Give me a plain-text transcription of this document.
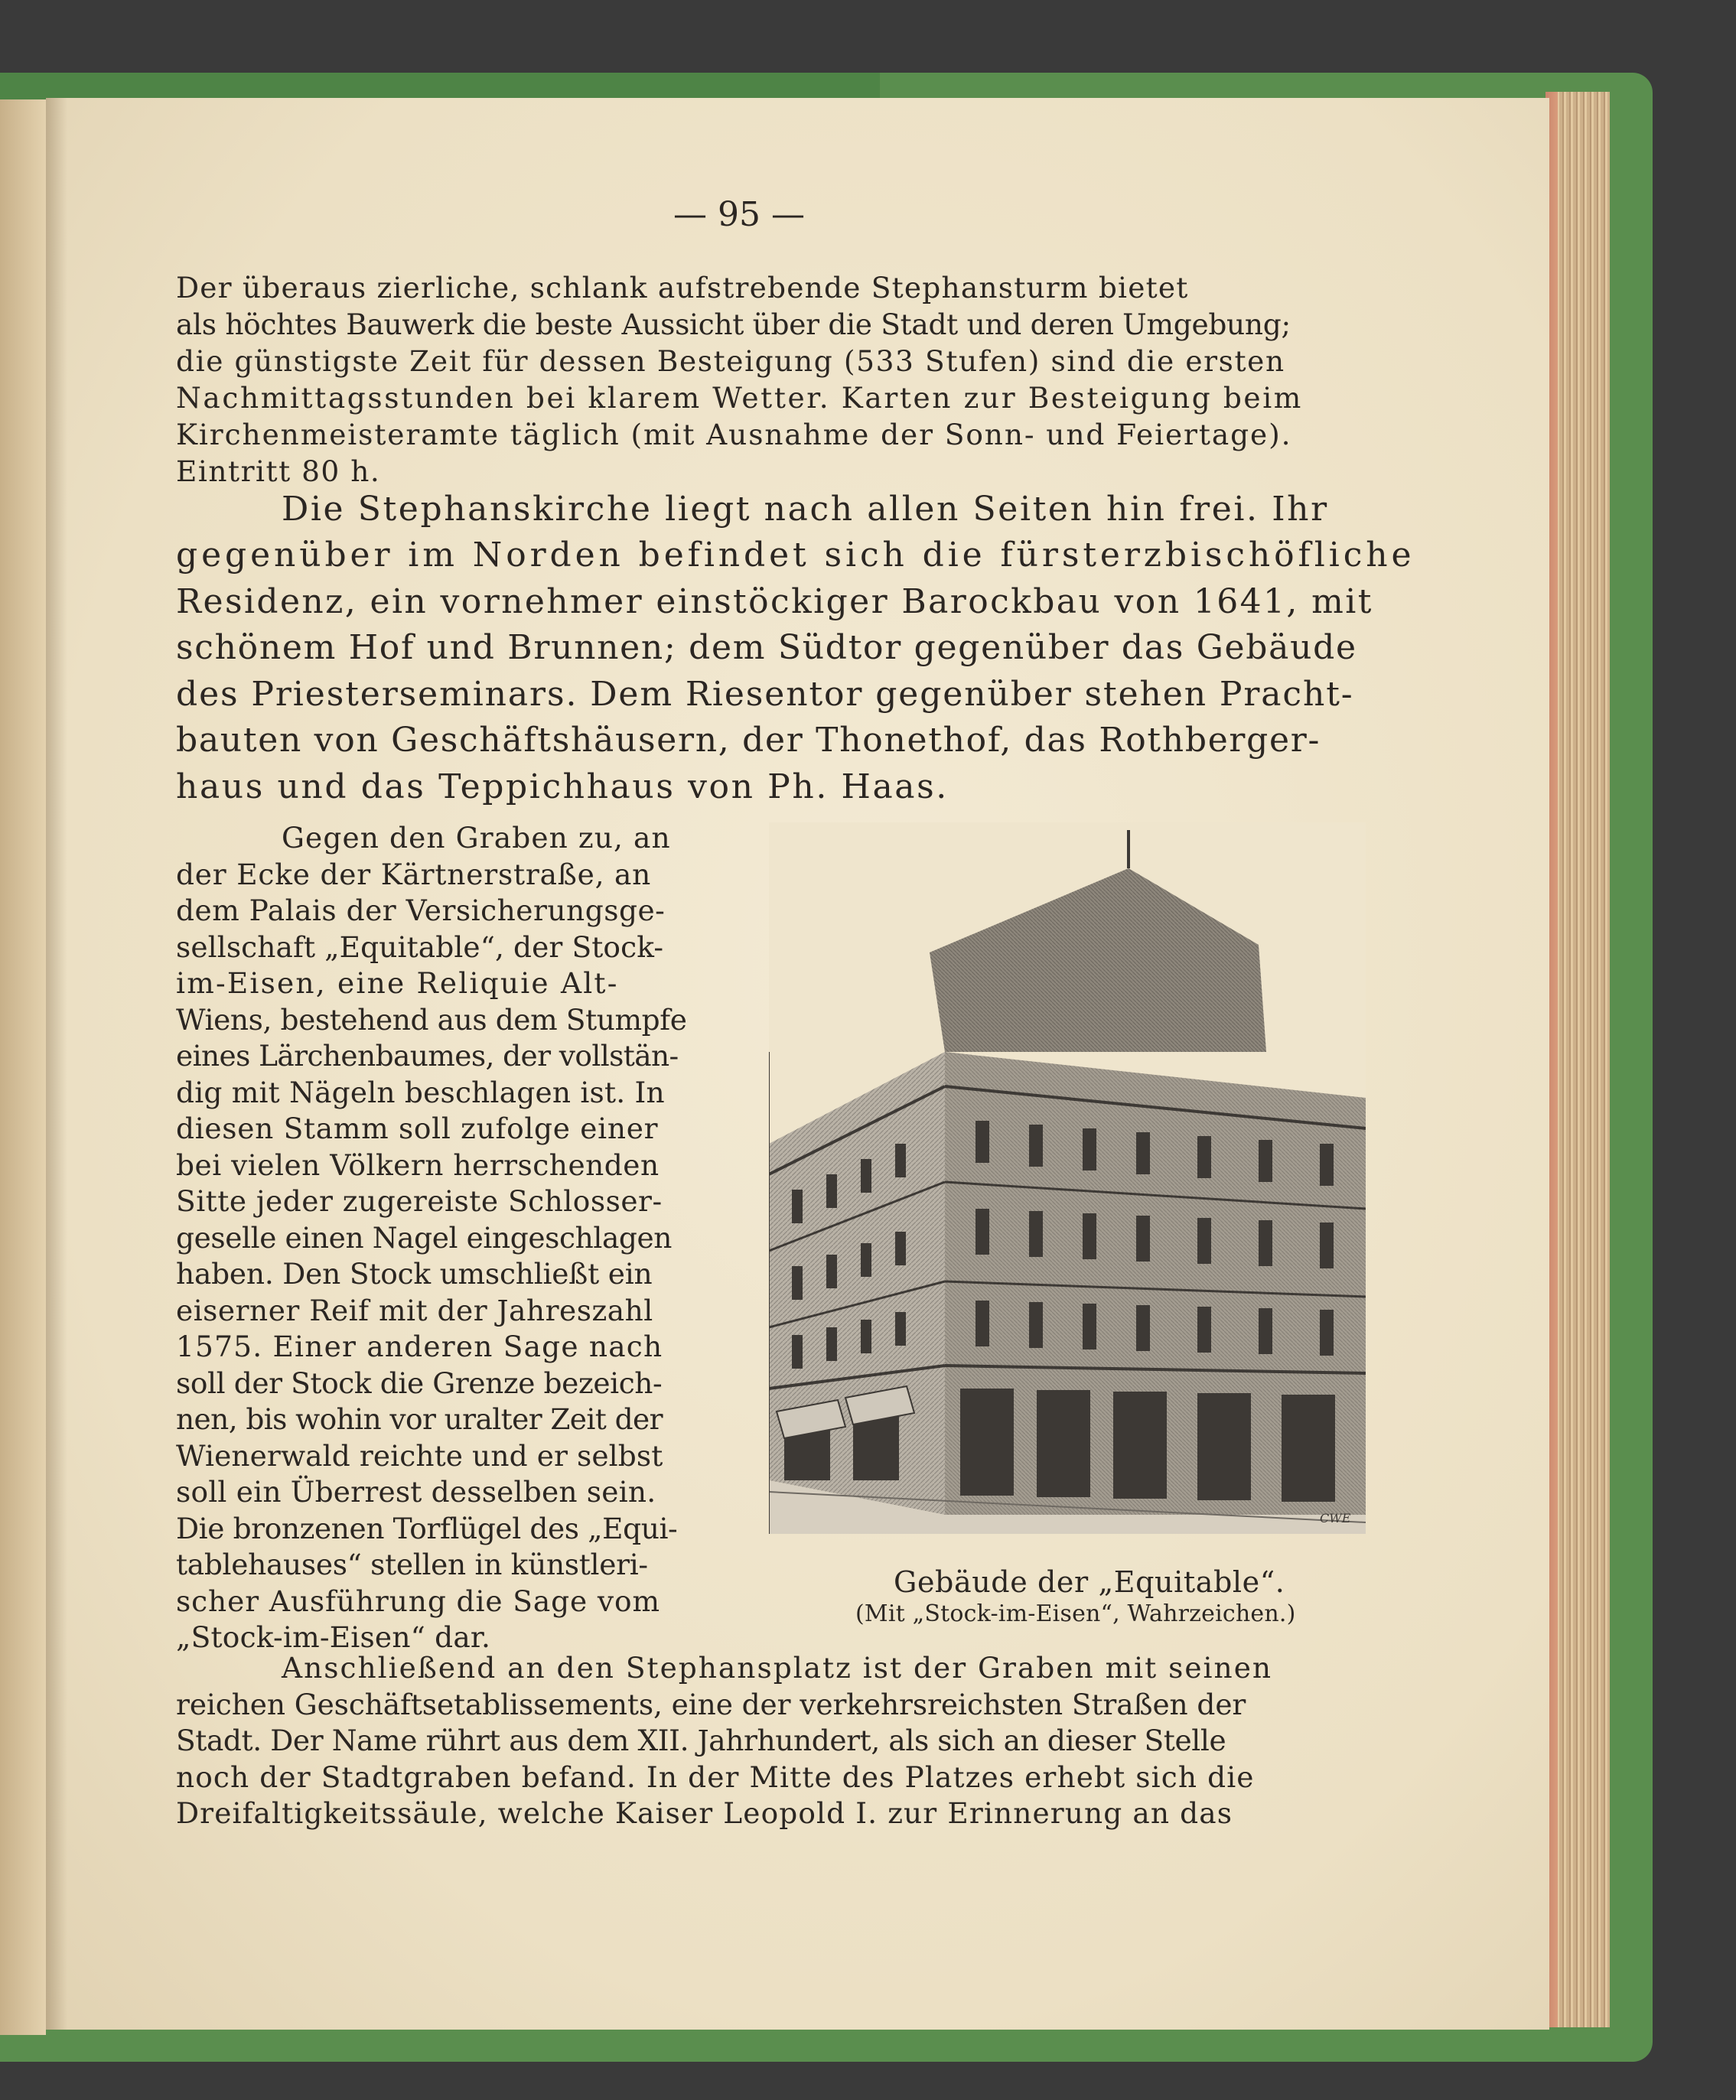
— 95 —
Der überaus zierliche, schlank aufstrebende Stephansturm bietet
als höchtes Bauwerk die beste Aussicht über die Stadt und deren Umgebung;
die günstigste Zeit für dessen Besteigung (533 Stufen) sind die ersten
Nachmittagsstunden bei klarem Wetter. Karten zur Besteigung beim
Kirchenmeisteramte täglich (mit Ausnahme der Sonn- und Feiertage).
Eintritt 80 h.
Die Stephanskirche liegt nach allen Seiten hin frei. Ihr
gegenüber im Norden befindet sich die fürsterzbischöfliche
Residenz, ein vornehmer einstöckiger Barockbau von 1641, mit
schönem Hof und Brunnen; dem Südtor gegenüber das Gebäude
des Priesterseminars. Dem Riesentor gegenüber stehen Pracht-
bauten von Geschäftshäusern, der Thonethof, das Rothberger-
haus und das Teppichhaus von Ph. Haas.
Gegen den Graben zu, an
der Ecke der Kärtnerstraße, an
dem Palais der Versicherungsge-
sellschaft „Equitable“, der Stock-
im-Eisen, eine Reliquie Alt-
Wiens, bestehend aus dem Stumpfe
eines Lärchenbaumes, der vollstän-
dig mit Nägeln beschlagen ist. In
diesen Stamm soll zufolge einer
bei vielen Völkern herrschenden
Sitte jeder zugereiste Schlosser-
geselle einen Nagel eingeschlagen
haben. Den Stock umschließt ein
eiserner Reif mit der Jahreszahl
1575. Einer anderen Sage nach
soll der Stock die Grenze bezeich-
nen, bis wohin vor uralter Zeit der
Wienerwald reichte und er selbst
soll ein Überrest desselben sein.
Die bronzenen Torflügel des „Equi-
tablehauses“ stellen in künstleri-
scher Ausführung die Sage vom
„Stock-im-Eisen“ dar.
CWE
Gebäude der „Equitable“.
(Mit „Stock-im-Eisen“, Wahrzeichen.)
Anschließend an den Stephansplatz ist der Graben mit seinen
reichen Geschäftsetablissements, eine der verkehrsreichsten Straßen der
Stadt. Der Name rührt aus dem XII. Jahrhundert, als sich an dieser Stelle
noch der Stadtgraben befand. In der Mitte des Platzes erhebt sich die
Dreifaltigkeitssäule, welche Kaiser Leopold I. zur Erinnerung an das
